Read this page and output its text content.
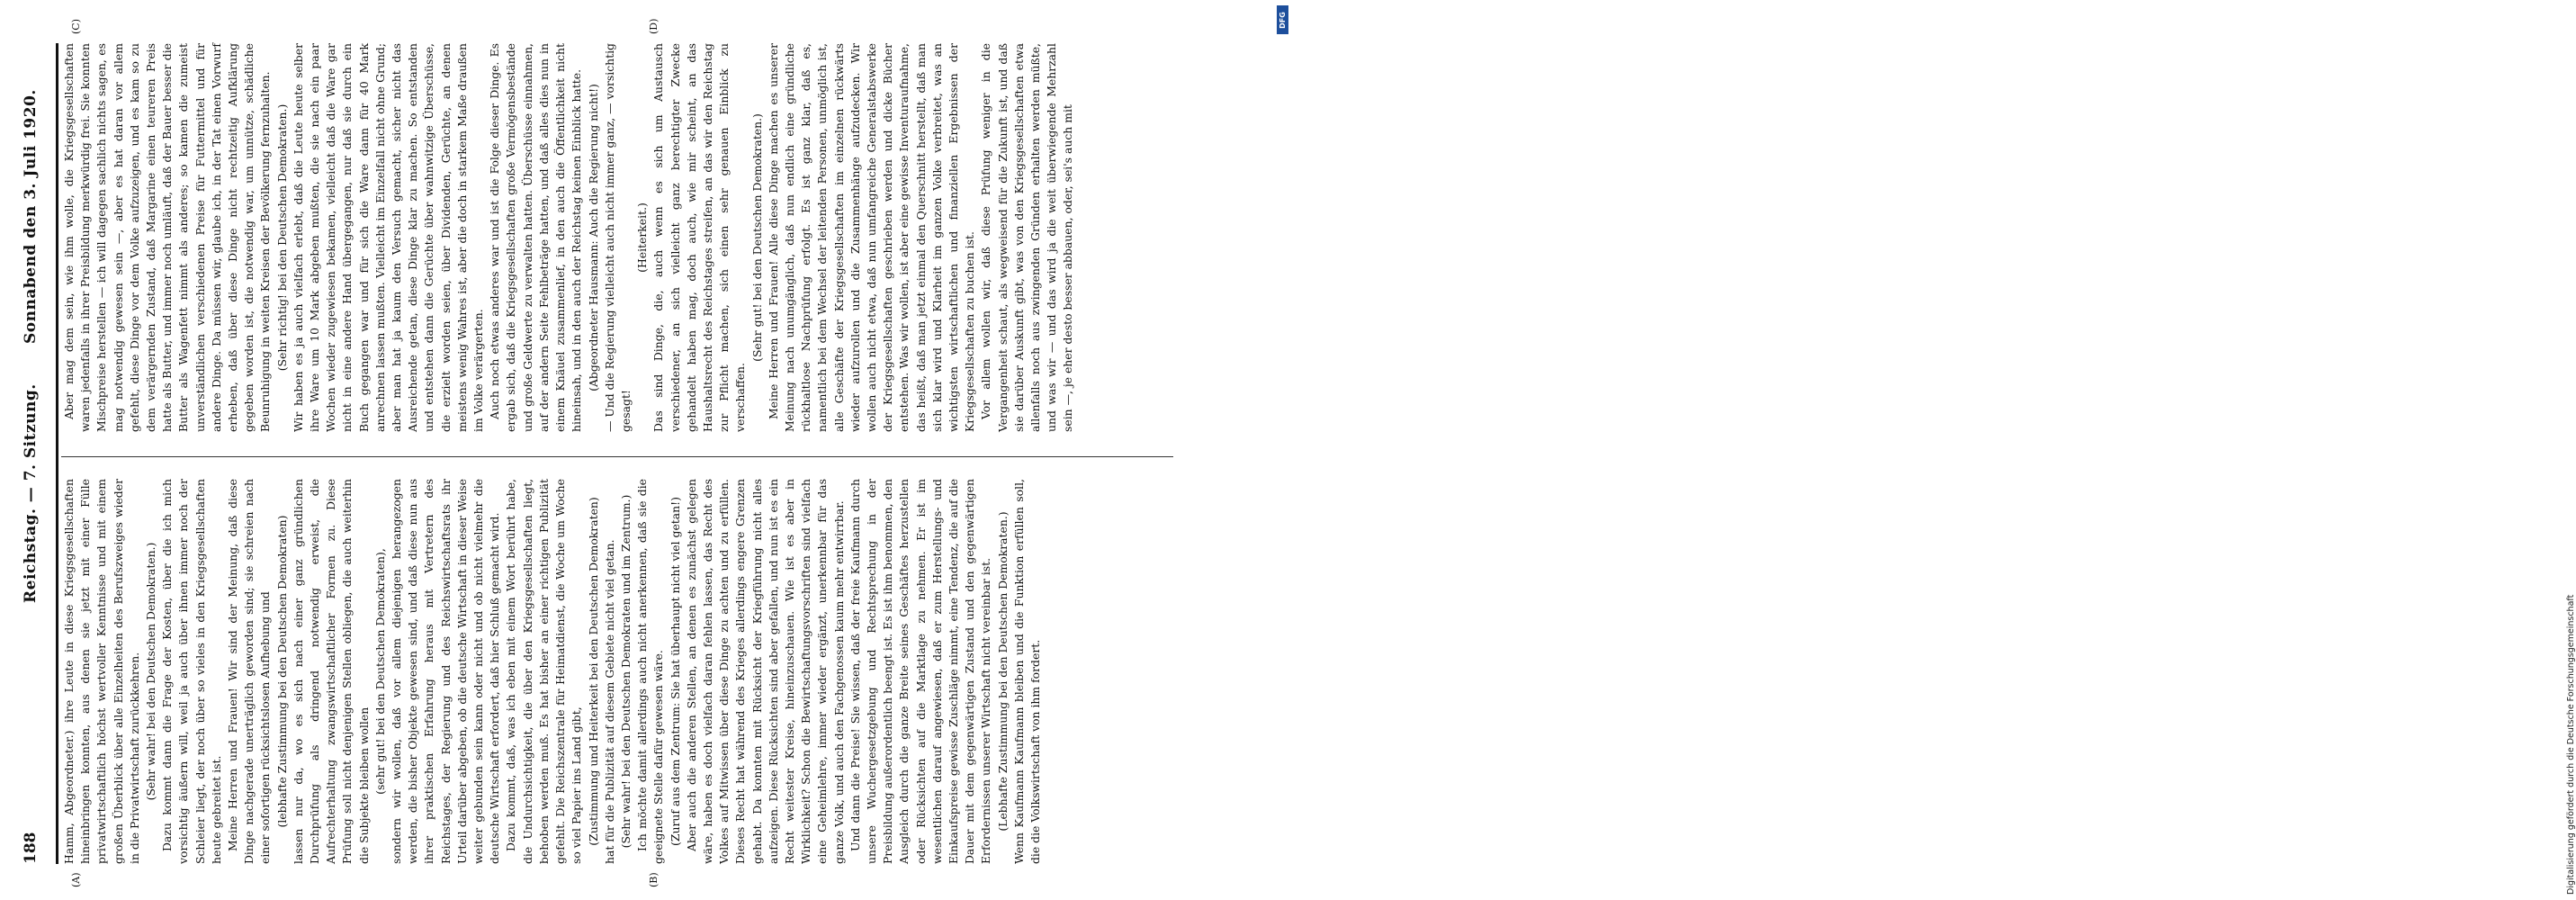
188
Reichstag. — 7. Sitzung.
Sonnabend den 3. Juli 1920.
(A)	(B)
(C)	(D)

Hamm, Abgeordneter.) ihre Leute in diese Kriegsgesellschaften hineinbringen konnten, aus denen sie jetzt mit einer Fülle privatwirtschaftlich höchst wertvoller Kenntnisse und mit einem großen Überblick über alle Einzelheiten des Berufszweiges wieder in die Privatwirtschaft zurückkehren. (Sehr wahr! bei den Deutschen Demokraten.) Dazu kommt dann die Frage der Kosten, über die ich mich vorsichtig äußern will, weil ja auch über ihnen immer noch der Schleier liegt, der noch über so vieles in den Kriegsgesellschaften heute gebreitet ist. Meine Herren und Frauen! Wir sind der Meinung, daß diese Dinge nachgerade unerträglich geworden sind; sie schreien nach einer sofortigen rücksichtslosen Aufhebung und (lebhafte Zustimmung bei den Deutschen Demokraten) lassen nur da, wo es sich nach einer ganz gründlichen Durchprüfung als dringend notwendig erweist, die Aufrechterhaltung zwangswirtschaftlicher Formen zu. Diese Prüfung soll nicht denjenigen Stellen obliegen, die auch weiterhin die Subjekte bleiben wollen (sehr gut! bei den Deutschen Demokraten), sondern wir wollen, daß vor allem diejenigen herangezogen werden, die bisher Objekte gewesen sind, und daß diese nun aus ihrer praktischen Erfahrung heraus mit Vertretern des Reichstages, der Regierung und des Reichswirtschaftsrats ihr Urteil darüber abgeben, ob die deutsche Wirtschaft in dieser Weise weiter gebunden sein kann oder nicht und ob nicht vielmehr die deutsche Wirtschaft erfordert, daß hier Schluß gemacht wird. Dazu kommt, daß, was ich eben mit einem Wort berührt habe, die Undurchsichtigkeit, die über den Kriegsgesellschaften liegt, behoben werden muß. Es hat bisher an einer richtigen Publizität gefehlt. Die Reichszentrale für Heimatdienst, die Woche um Woche so viel Papier ins Land gibt, (Zustimmung und Heiterkeit bei den Deutschen Demokraten) hat für die Publizität auf diesem Gebiete nicht viel getan. (Sehr wahr! bei den Deutschen Demokraten und im Zentrum.) Ich möchte damit allerdings auch nicht anerkennen, daß sie die geeignete Stelle dafür gewesen wäre. (Zuruf aus dem Zentrum: Sie hat überhaupt nicht viel getan!) Aber auch die anderen Stellen, an denen es zunächst gelegen wäre, haben es doch vielfach daran fehlen lassen, das Recht des Volkes auf Mitwissen über diese Dinge zu achten und zu erfüllen. Dieses Recht hat während des Krieges allerdings engere Grenzen gehabt. Da konnten mit Rücksicht der Kriegführung nicht alles aufzeigen. Diese Rücksichten sind aber gefallen, und nun ist es ein Recht weitester Kreise, hineinzuschauen. Wie ist es aber in Wirklichkeit? Schon die Bewirtschaftungsvorschriften sind vielfach eine Geheimlehre, immer wieder ergänzt, unerkennbar für das ganze Volk, und auch den Fachgenossen kaum mehr entwirrbar. Und dann die Preise! Sie wissen, daß der freie Kaufmann durch unsere Wuchergesetzgebung und Rechtsprechung in der Preisbildung außerordentlich beengt ist. Es ist ihm benommen, den Ausgleich durch die ganze Breite seines Geschäftes herzustellen oder Rücksichten auf die Marktlage zu nehmen. Er ist im wesentlichen darauf angewiesen, daß er zum Herstellungs- und Einkaufspreise gewisse Zuschläge nimmt, eine Tendenz, die auf die Dauer mit dem gegenwärtigen Zustand und den gegenwärtigen Erfordernissen unserer Wirtschaft nicht vereinbar ist. (Lebhafte Zustimmung bei den Deutschen Demokraten.) Wenn Kaufmann Kaufmann bleiben und die Funktion erfüllen soll, die die Volkswirtschaft von ihm fordert.

Aber mag dem sein, wie ihm wolle, die Kriegsgesellschaften waren jedenfalls in ihrer Preisbildung merkwürdig frei. Sie konnten Mischpreise herstellen — ich will dagegen sachlich nichts sagen, es mag notwendig gewesen sein —, aber es hat daran vor allem gefehlt, diese Dinge vor dem Volke aufzuzeigen, und es kam so zu dem verärgernden Zustand, daß Margarine einen teureren Preis hatte als Butter, und immer noch umläuft, daß der Bauer besser die Butter als Wagenfett nimmt als anderes; so kamen die zumeist unverständlichen verschiedenen Preise für Futtermittel und für andere Dinge. Da müssen wir, glaube ich, in der Tat einen Vorwurf erheben, daß über diese Dinge nicht rechtzeitig Aufklärung gegeben worden ist, die notwendig war, um unnütze, schädliche Beunruhigung in weiten Kreisen der Bevölkerung fernzuhalten. (Sehr richtig! bei den Deutschen Demokraten.) Wir haben es ja auch vielfach erlebt, daß die Leute heute selber ihre Ware um 10 Mark abgeben mußten, die sie nach ein paar Wochen wieder zugewiesen bekamen, vielleicht daß die Ware gar nicht in eine andere Hand übergegangen, nur daß sie durch ein Buch gegangen war und für sich die Ware dann für 40 Mark anrechnen lassen mußten. Vielleicht im Einzelfall nicht ohne Grund; aber man hat ja kaum den Versuch gemacht, sicher nicht das Ausreichende getan, diese Dinge klar zu machen. So entstanden und entstehen dann die Gerüchte über wahnwitzige Überschüsse, die erzielt worden seien, über Dividenden, Gerüchte, an denen meistens wenig Wahres ist, aber die doch in starkem Maße draußen im Volke verärgerten. Auch noch etwas anderes war und ist die Folge dieser Dinge. Es ergab sich, daß die Kriegsgesellschaften große Vermögensbestände und große Geldwerte zu verwalten hatten. Überschüsse einnahmen, auf der andern Seite Fehlbeträge hatten, und daß alles dies nun in einem Knäuel zusammenlief, in den auch die Öffentlichkeit nicht hineinsah, und in den auch der Reichstag keinen Einblick hatte. (Abgeordneter Hausmann: Auch die Regierung nicht!) — Und die Regierung vielleicht auch nicht immer ganz, — vorsichtig gesagt!

(Heiterkeit.) Das sind Dinge, die, auch wenn es sich um Austausch verschiedener, an sich vielleicht ganz berechtigter Zwecke gehandelt haben mag, doch auch, wie mir scheint, an das Haushaltsrecht des Reichstages streifen, an das wir den Reichstag zur Pflicht machen, sich einen sehr genauen Einblick zu verschaffen.

(Sehr gut! bei den Deutschen Demokraten.) Meine Herren und Frauen! Alle diese Dinge machen es unserer Meinung nach unumgänglich, daß nun endlich eine gründliche rückhaltlose Nachprüfung erfolgt. Es ist ganz klar, daß es, namentlich bei dem Wechsel der leitenden Personen, unmöglich ist, alle Geschäfte der Kriegsgesellschaften im einzelnen rückwärts wieder aufzurollen und die Zusammenhänge aufzudecken. Wir wollen auch nicht etwa, daß nun umfangreiche Generalstabswerke der Kriegsgesellschaften geschrieben werden und dicke Bücher entstehen. Was wir wollen, ist aber eine gewisse Inventuraufnahme, das heißt, daß man jetzt einmal den Querschnitt herstellt, daß man sich klar wird und Klarheit im ganzen Volke verbreitet, was an wichtigsten wirtschaftlichen und finanziellen Ergebnissen der Kriegsgesellschaften zu buchen ist. Vor allem wollen wir, daß diese Prüfung weniger in die Vergangenheit schaut, als wegweisend für die Zukunft ist, und daß sie darüber Auskunft gibt, was von den Kriegsgesellschaften etwa allenfalls noch aus zwingenden Gründen erhalten werden müßte, und was wir — und das wird ja die weit überwiegende Mehrzahl sein —, je eher desto besser abbauen, oder, sei's auch mit

Digitalisierung gefördert durch die Deutsche Forschungsgemeinschaft
DFG
